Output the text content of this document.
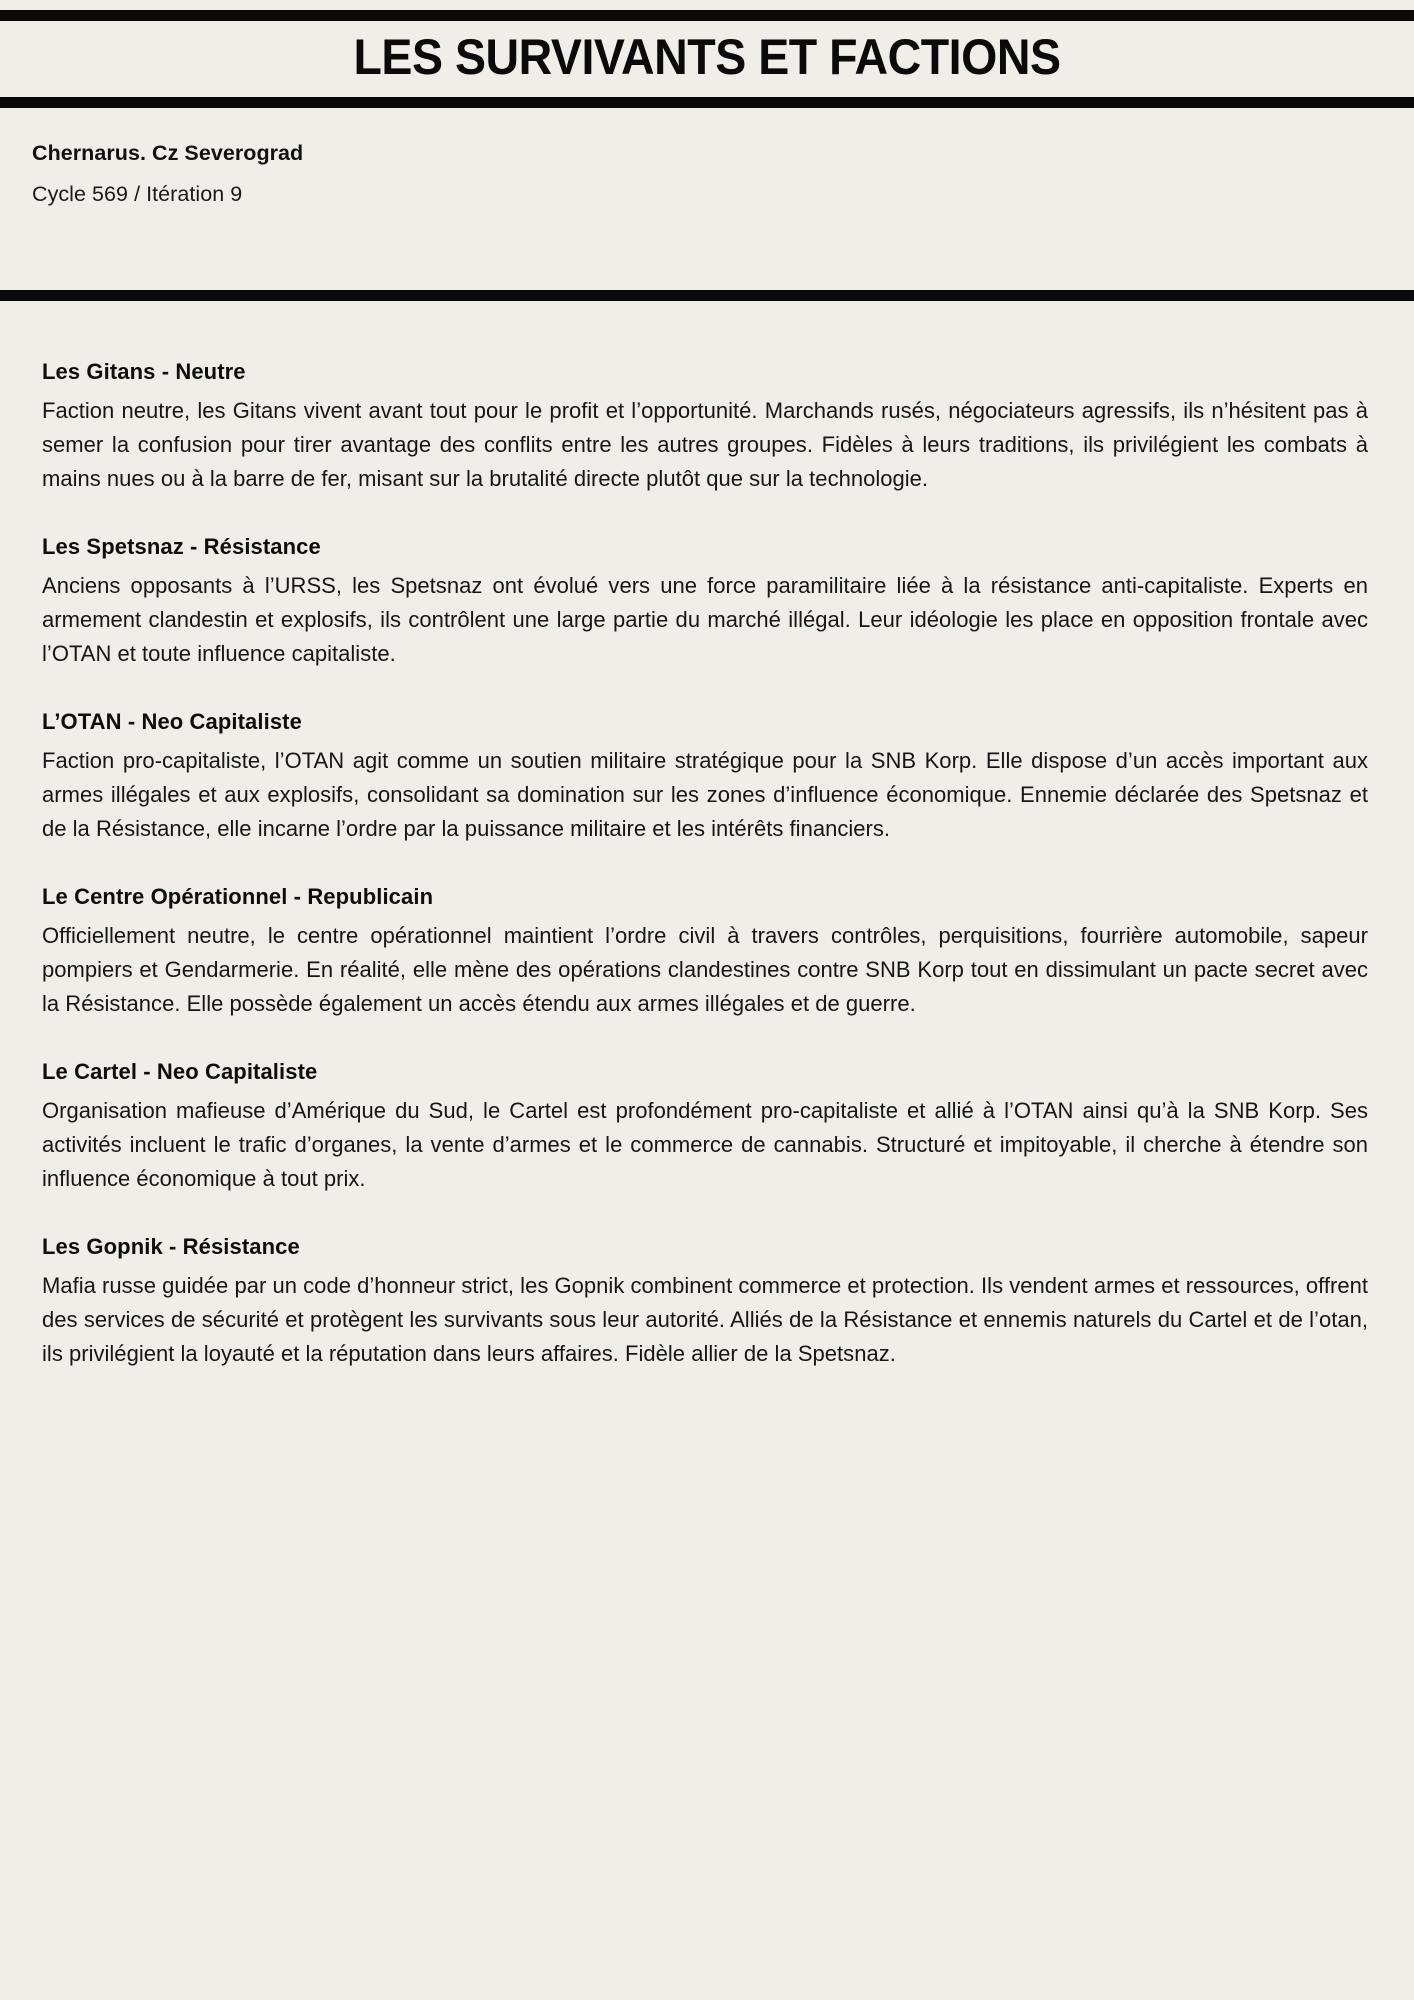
LES SURVIVANTS ET FACTIONS

Chernarus. Cz Severograd

Cycle 569 / Itération 9

Les Gitans - Neutre

Faction neutre, les Gitans vivent avant tout pour le profit et l’opportunité. Marchands rusés, négociateurs agressifs, ils n’hésitent pas à semer la confusion pour tirer avantage des conflits entre les autres groupes. Fidèles à leurs traditions, ils privilégient les combats à mains nues ou à la barre de fer, misant sur la brutalité directe plutôt que sur la technologie.

Les Spetsnaz - Résistance

Anciens opposants à l’URSS, les Spetsnaz ont évolué vers une force paramilitaire liée à la résistance anti-capitaliste. Experts en armement clandestin et explosifs, ils contrôlent une large partie du marché illégal. Leur idéologie les place en opposition frontale avec l’OTAN et toute influence capitaliste.

L’OTAN - Neo Capitaliste

Faction pro-capitaliste, l’OTAN agit comme un soutien militaire stratégique pour la SNB Korp. Elle dispose d’un accès important aux armes illégales et aux explosifs, consolidant sa domination sur les zones d’influence économique. Ennemie déclarée des Spetsnaz et de la Résistance, elle incarne l’ordre par la puissance militaire et les intérêts financiers.

Le Centre Opérationnel - Republicain

Officiellement neutre, le centre opérationnel maintient l’ordre civil à travers contrôles, perquisitions, fourrière automobile, sapeur pompiers et Gendarmerie. En réalité, elle mène des opérations clandestines contre SNB Korp tout en dissimulant un pacte secret avec la Résistance. Elle possède également un accès étendu aux armes illégales et de guerre.

Le Cartel - Neo Capitaliste

Organisation mafieuse d’Amérique du Sud, le Cartel est profondément pro-capitaliste et allié à l’OTAN ainsi qu’à la SNB Korp. Ses activités incluent le trafic d’organes, la vente d’armes et le commerce de cannabis. Structuré et impitoyable, il cherche à étendre son influence économique à tout prix.

Les Gopnik - Résistance

Mafia russe guidée par un code d’honneur strict, les Gopnik combinent commerce et protection. Ils vendent armes et ressources, offrent des services de sécurité et protègent les survivants sous leur autorité. Alliés de la Résistance et ennemis naturels du Cartel et de l’otan, ils privilégient la loyauté et la réputation dans leurs affaires. Fidèle allier de la Spetsnaz.
